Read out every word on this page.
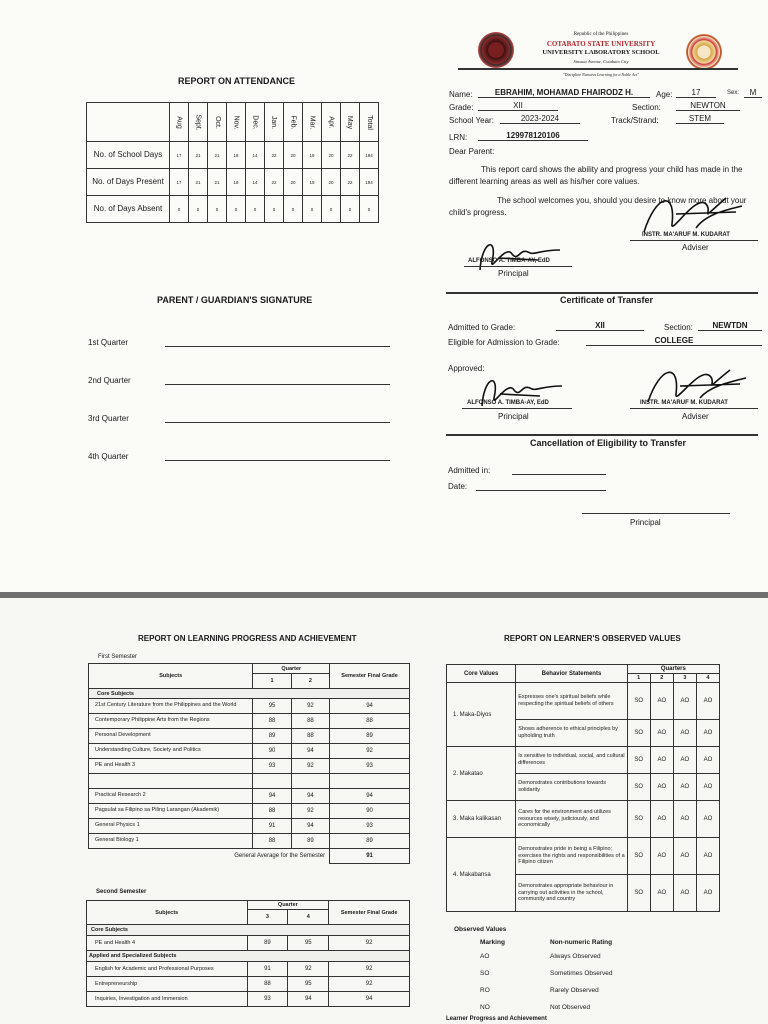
REPORT ON ATTENDANCE
	Aug	Sept.	Oct.	Nov.	Dec.	Jan.	Feb.	Mar.	Apr.	May	Total
No. of School Days	17	21	21	18	14	22	20	19	20	22	194
No. of Days Present	17	21	21	18	14	22	20	19	20	22	194
No. of Days Absent	0	0	0	0	0	0	0	0	0	0	0
PARENT / GUARDIAN'S SIGNATURE
1st Quarter
2nd Quarter
3rd Quarter
4th Quarter
Republic of the Philippines
COTABATO STATE UNIVERSITY
UNIVERSITY LABORATORY SCHOOL
Sinsuat Avenue, Cotabato City
"Discipline Nurtures Learning for a Noble Act"
Name:	EBRAHIM, MOHAMAD FHAIRODZ H.	Age:	17	Sex:	M
Grade:	XII	Section:	NEWTON
School Year:	2023-2024	Track/Strand:	STEM
LRN:	129978120106
Dear Parent:
This report card shows the ability and progress your child has made in the different learning areas as well as his/her core values.
The school welcomes you, should you desire to know more about your child's progress.
INSTR. MA'ARUF M. KUDARAT
Adviser
ALFONSO A. TIMBA-AY, EdD
Principal
Certificate of Transfer
Admitted to Grade:	XII	Section:	NEWTDN
Eligible for Admission to Grade:	COLLEGE
Approved:
ALFONSO A. TIMBA-AY, EdD
Principal
INSTR. MA'ARUF M. KUDARAT
Adviser
Cancellation of Eligibility to Transfer
Admitted in:
Date:
Principal
REPORT ON LEARNING PROGRESS AND ACHIEVEMENT
First Semester
Subjects	Quarter		Semester Final Grade
	1	2	
Core Subjects			
21st Century Literature from the Philippines and the World	95	92	94
Contemporary Philippine Arts from the Regions	88	88	88
Personal Development	89	88	89
Understanding Culture, Society and Politics	90	94	92
PE and Health 3	93	92	93

Practical Research 2	94	94	94
Pagsulat sa Filipino sa Piling Larangan (Akademik)	88	92	90
General Physics 1	91	94	93
General Biology 1	88	89	89
General Average for the Semester			91
Second Semester
Subjects	Quarter		Semester Final Grade
	3	4	
Core Subjects			
PE and Health 4	89	95	92
Applied and Specialized Subjects			
English for Academic and Professional Purposes	91	92	92
Entrepreneurship	88	95	92
Inquiries, Investigation and Immersion	93	94	94
REPORT ON LEARNER'S OBSERVED VALUES
Core Values	Behavior Statements	Quarters			
		1	2	3	4
1. Maka-Diyos	Expresses one's spiritual beliefs while respecting the spiritual beliefs of others	SO	AO	AO	AO
	Shows adherence to ethical principles by upholding truth	SO	AO	AO	AO
2. Makatao	Is sensitive to individual, social, and cultural differences	SO	AO	AO	AO
	Demonstrates contributions towards solidarity	SO	AO	AO	AO
3. Maka kalikasan	Cares for the environment and utilizes resources wisely, judiciously, and economically	SO	AO	AO	AO
4. Makabansa	Demonstrates pride in being a Filipino; exercises the rights and responsibilities of a Filipino citizen	SO	AO	AO	AO
	Demonstrates appropriate behaviour in carrying out activities in the school, community and country	SO	AO	AO	AO
Observed Values
Marking	Non-numeric Rating
AO	Always Observed
SO	Sometimes Observed
RO	Rarely Observed
NO	Not Observed
Learner Progress and Achievement
